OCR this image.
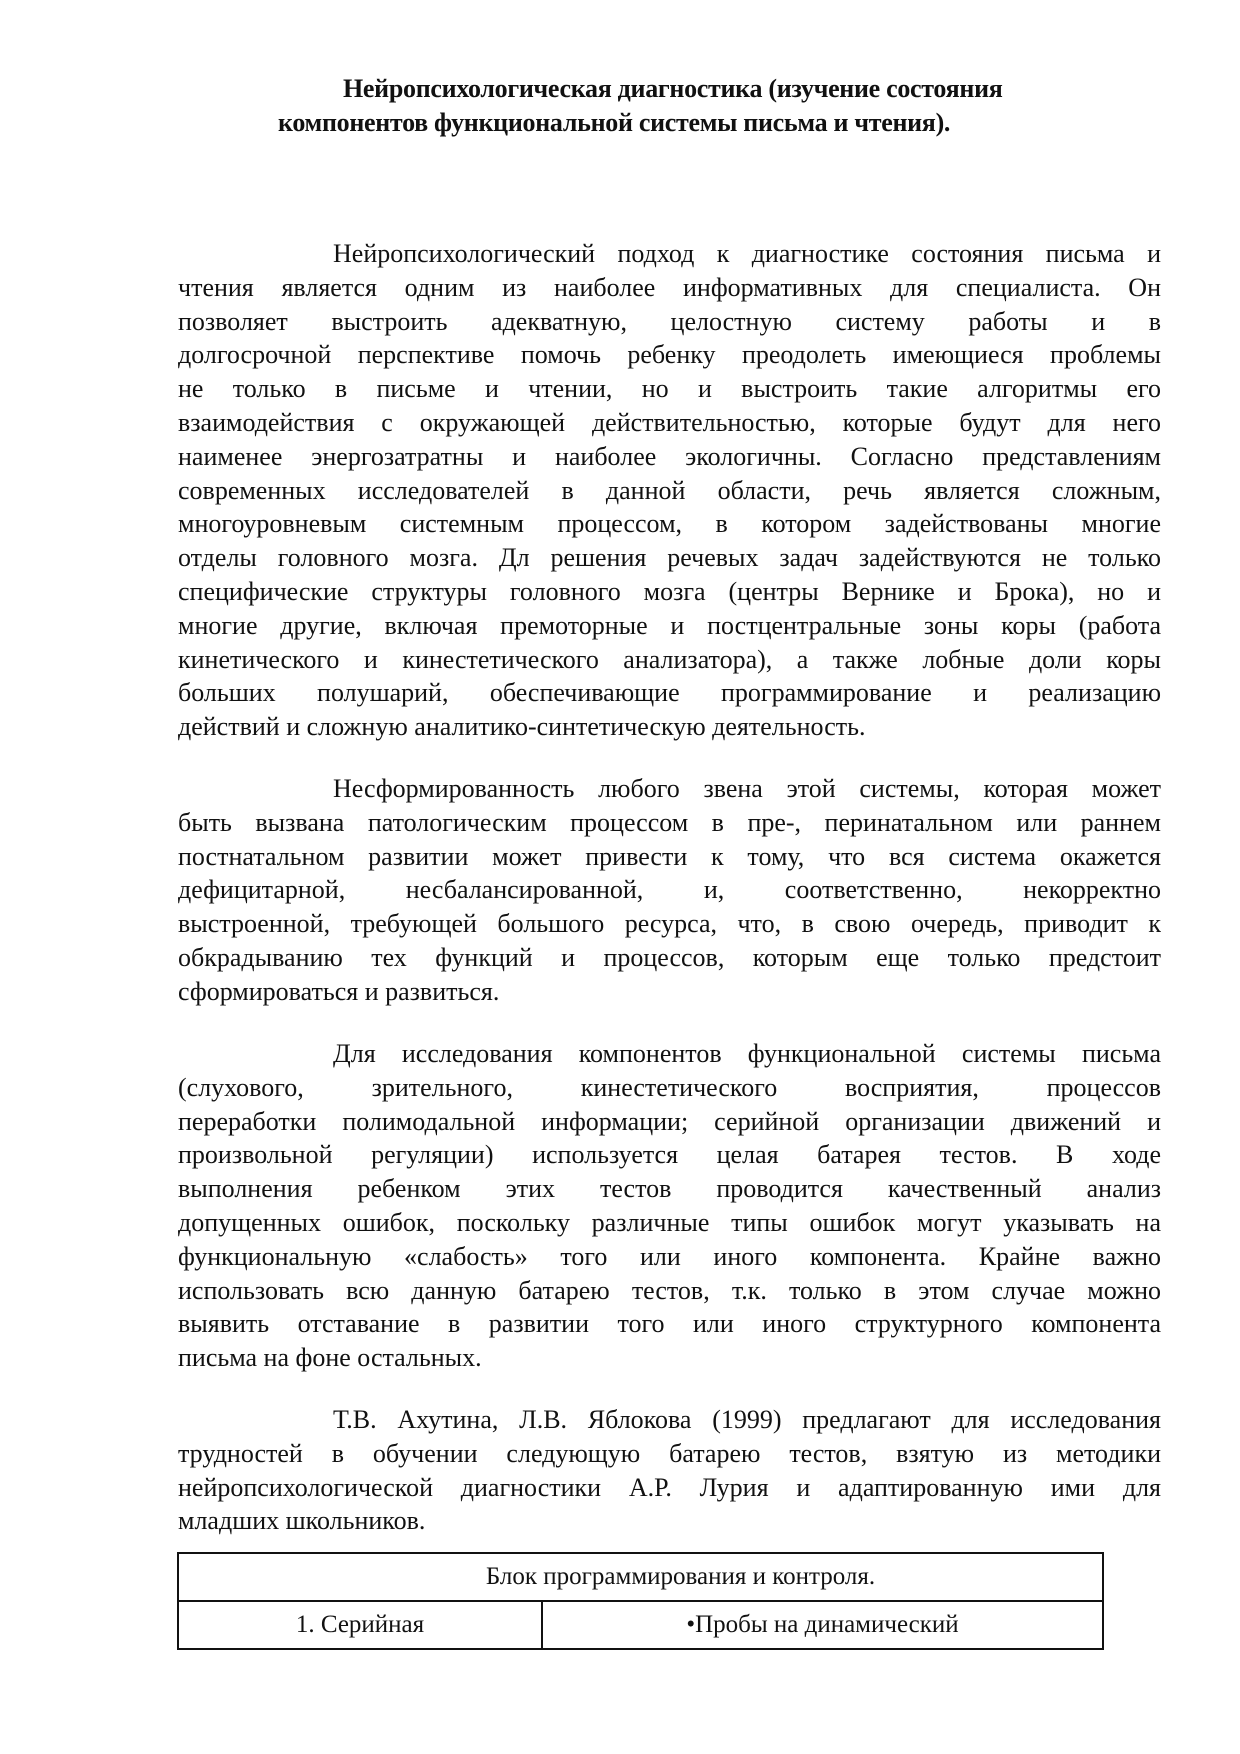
Нейропсихологическая диагностика (изучение состояния
компонентов функциональной системы письма и чтения).
Нейропсихологический подход к диагностике состояния письма и
чтения является одним из наиболее информативных для специалиста. Он
позволяет выстроить адекватную, целостную систему работы и в
долгосрочной перспективе помочь ребенку преодолеть имеющиеся проблемы
не только в письме и чтении, но и выстроить такие алгоритмы его
взаимодействия с окружающей действительностью, которые будут для него
наименее энергозатратны и наиболее экологичны. Согласно представлениям
современных исследователей в данной области, речь является сложным,
многоуровневым системным процессом, в котором задействованы многие
отделы головного мозга. Дл решения речевых задач задействуются не только
специфические структуры головного мозга (центры Вернике и Брока), но и
многие другие, включая премоторные и постцентральные зоны коры (работа
кинетического и кинестетического анализатора), а также лобные доли коры
больших полушарий, обеспечивающие программирование и реализацию
действий и сложную аналитико-синтетическую деятельность.
Несформированность любого звена этой системы, которая может
быть вызвана патологическим процессом в пре-, перинатальном или раннем
постнатальном развитии может привести к тому, что вся система окажется
дефицитарной, несбалансированной, и, соответственно, некорректно
выстроенной, требующей большого ресурса, что, в свою очередь, приводит к
обкрадыванию тех функций и процессов, которым еще только предстоит
сформироваться и развиться.
Для исследования компонентов функциональной системы письма
(слухового, зрительного, кинестетического восприятия, процессов
переработки полимодальной информации; серийной организации движений и
произвольной регуляции) используется целая батарея тестов. В ходе
выполнения ребенком этих тестов проводится качественный анализ
допущенных ошибок, поскольку различные типы ошибок могут указывать на
функциональную «слабость» того или иного компонента. Крайне важно
использовать всю данную батарею тестов, т.к. только в этом случае можно
выявить отставание в развитии того или иного структурного компонента
письма на фоне остальных.
Т.В. Ахутина, Л.В. Яблокова (1999) предлагают для исследования
трудностей в обучении следующую батарею тестов, взятую из методики
нейропсихологической диагностики А.Р. Лурия и адаптированную ими для
младших школьников.
Блок программирования и контроля.
1. Серийная	•Пробы на динамический
